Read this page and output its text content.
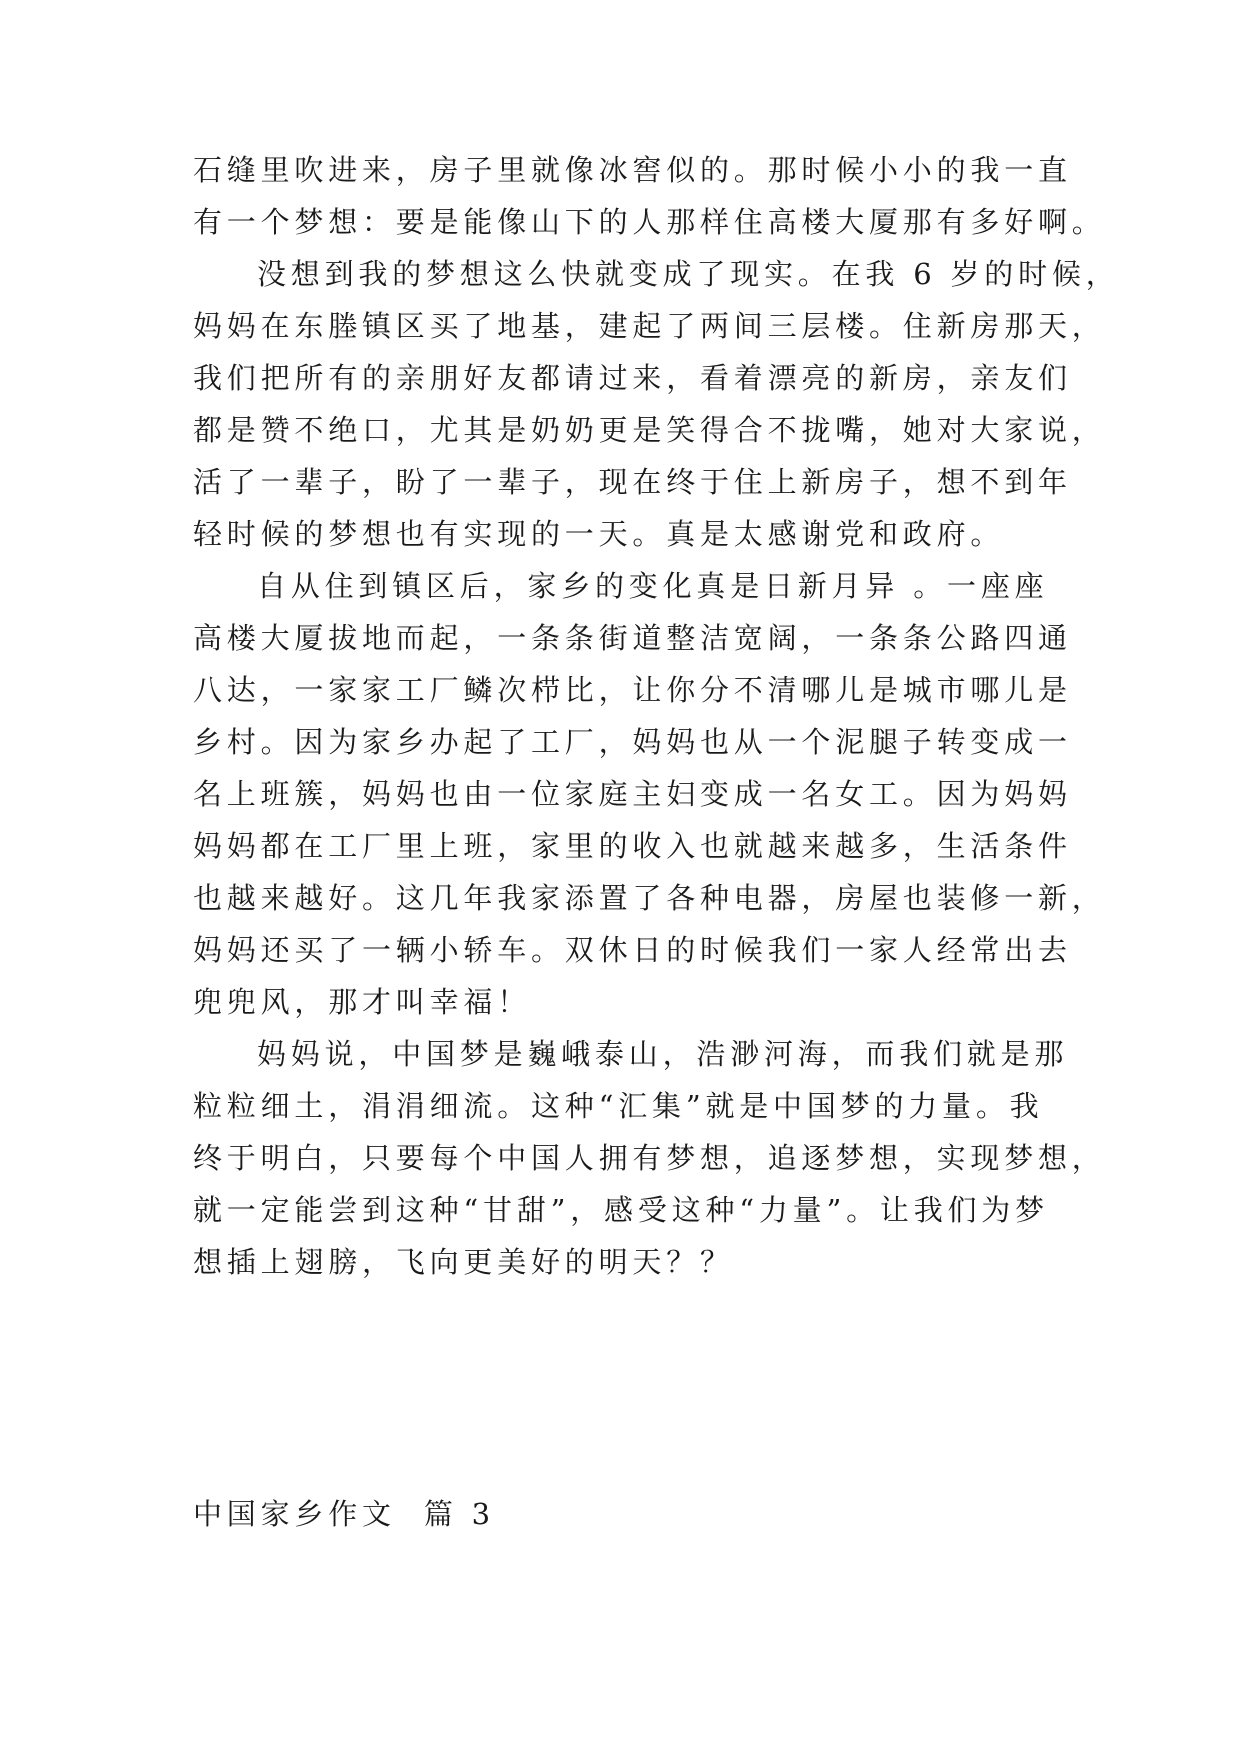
石缝里吹进来，房子里就像冰窖似的。那时候小小的我一直
有一个梦想：要是能像山下的人那样住高楼大厦那有多好啊。
没想到我的梦想这么快就变成了现实。在我 6 岁的时候，
妈妈在东塍镇区买了地基，建起了两间三层楼。住新房那天，
我们把所有的亲朋好友都请过来，看着漂亮的新房，亲友们
都是赞不绝口，尤其是奶奶更是笑得合不拢嘴，她对大家说，
活了一辈子，盼了一辈子，现在终于住上新房子，想不到年
轻时候的梦想也有实现的一天。真是太感谢党和政府。
自从住到镇区后，家乡的变化真是日新月异 。一座座
高楼大厦拔地而起，一条条街道整洁宽阔，一条条公路四通
八达，一家家工厂鳞次栉比，让你分不清哪儿是城市哪儿是
乡村。因为家乡办起了工厂，妈妈也从一个泥腿子转变成一
名上班簇，妈妈也由一位家庭主妇变成一名女工。因为妈妈
妈妈都在工厂里上班，家里的收入也就越来越多，生活条件
也越来越好。这几年我家添置了各种电器，房屋也装修一新，
妈妈还买了一辆小轿车。双休日的时候我们一家人经常出去
兜兜风，那才叫幸福！
妈妈说，中国梦是巍峨泰山，浩渺河海，而我们就是那
粒粒细土，涓涓细流。这种“汇集”就是中国梦的力量。我
终于明白，只要每个中国人拥有梦想，追逐梦想，实现梦想，
就一定能尝到这种“甘甜”，感受这种“力量”。让我们为梦
想插上翅膀，飞向更美好的明天？？
中国家乡作文  篇 3
